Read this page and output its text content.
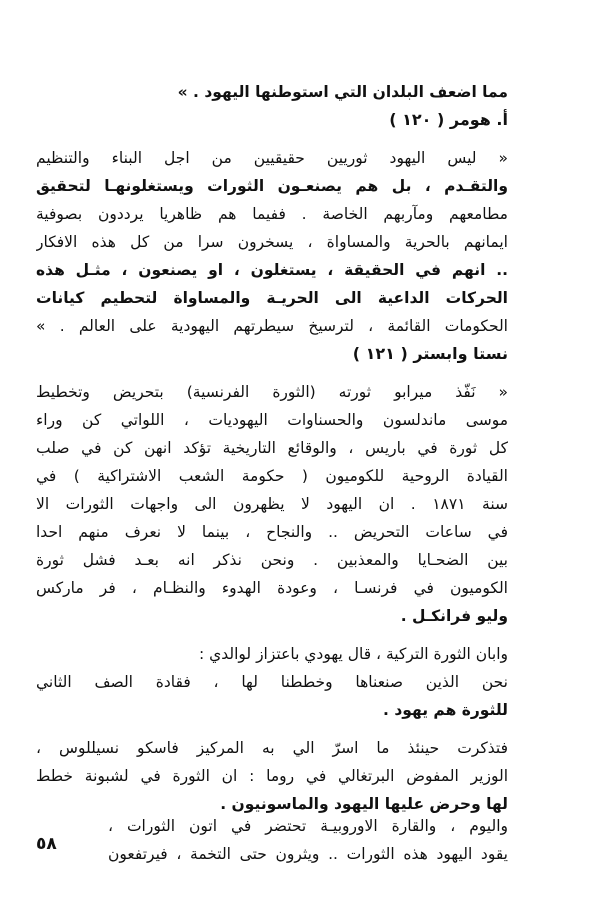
مما اضعف البلدان التي استوطنها اليهود . »
أ. هومر ( ١٢٠ )
« ليس اليهود ثوريين حقيقيين من اجل البناء والتنظيم
والتقـدم ، بل هم يصنعـون الثورات ويستغلونهـا لتحقيق
مطامعهم ومآربهم الخاصة . ففيما هم ظاهريا يرددون بصوفية
ايمانهم بالحرية والمساواة ، يسخرون سرا من كل هذه الافكار
.. انهم في الحقيقة ، يستغلون ، او يصنعون ، مثـل هذه
الحركات الداعية الى الحريـة والمساواة لتحطيم كيانات
الحكومات القائمة ، لترسيخ سيطرتهم اليهودية على العالم . »
نستا وابستر ( ١٢١ )
« نَفّذ ميرابو ثورته (الثورة الفرنسية) بتحريض وتخطيط
موسى ماندلسون والحسناوات اليهوديات ، اللواتي كن وراء
كل ثورة في باريس ، والوقائع التاريخية تؤكد انهن كن في صلب
القيادة الروحية للكوميون ( حكومة الشعب الاشتراكية ) في
سنة ١٨٧١ . ان اليهود لا يظهرون الى واجهات الثورات الا
في ساعات التحريض .. والنجاح ، بينما لا نعرف منهم احدا
بين الضحـايا والمعذبين . ونحن نذكر انه بعـد فشل ثورة
الكوميون في فرنسـا ، وعودة الهدوء والنظـام ، فر ماركس
وليو فرانكـل .
وابان الثورة التركية ، قال يهودي باعتزاز لوالدي :
نحن الذين صنعناها وخططنا لها ، فقادة الصف الثاني
للثورة هم يهود .
فتذكرت حينئذ ما اسرّ الي به المركيز فاسكو نسيللوس ،
الوزير المفوض البرتغالي في روما : ان الثورة في لشبونة خطط
لها وحرض عليها اليهود والماسونيون .
واليوم ، والقارة الاوروبيـة تحتضر في اتون الثورات ،
يقود اليهود هذه الثورات .. ويثرون حتى التخمة ، فيرتفعون
٥٨
